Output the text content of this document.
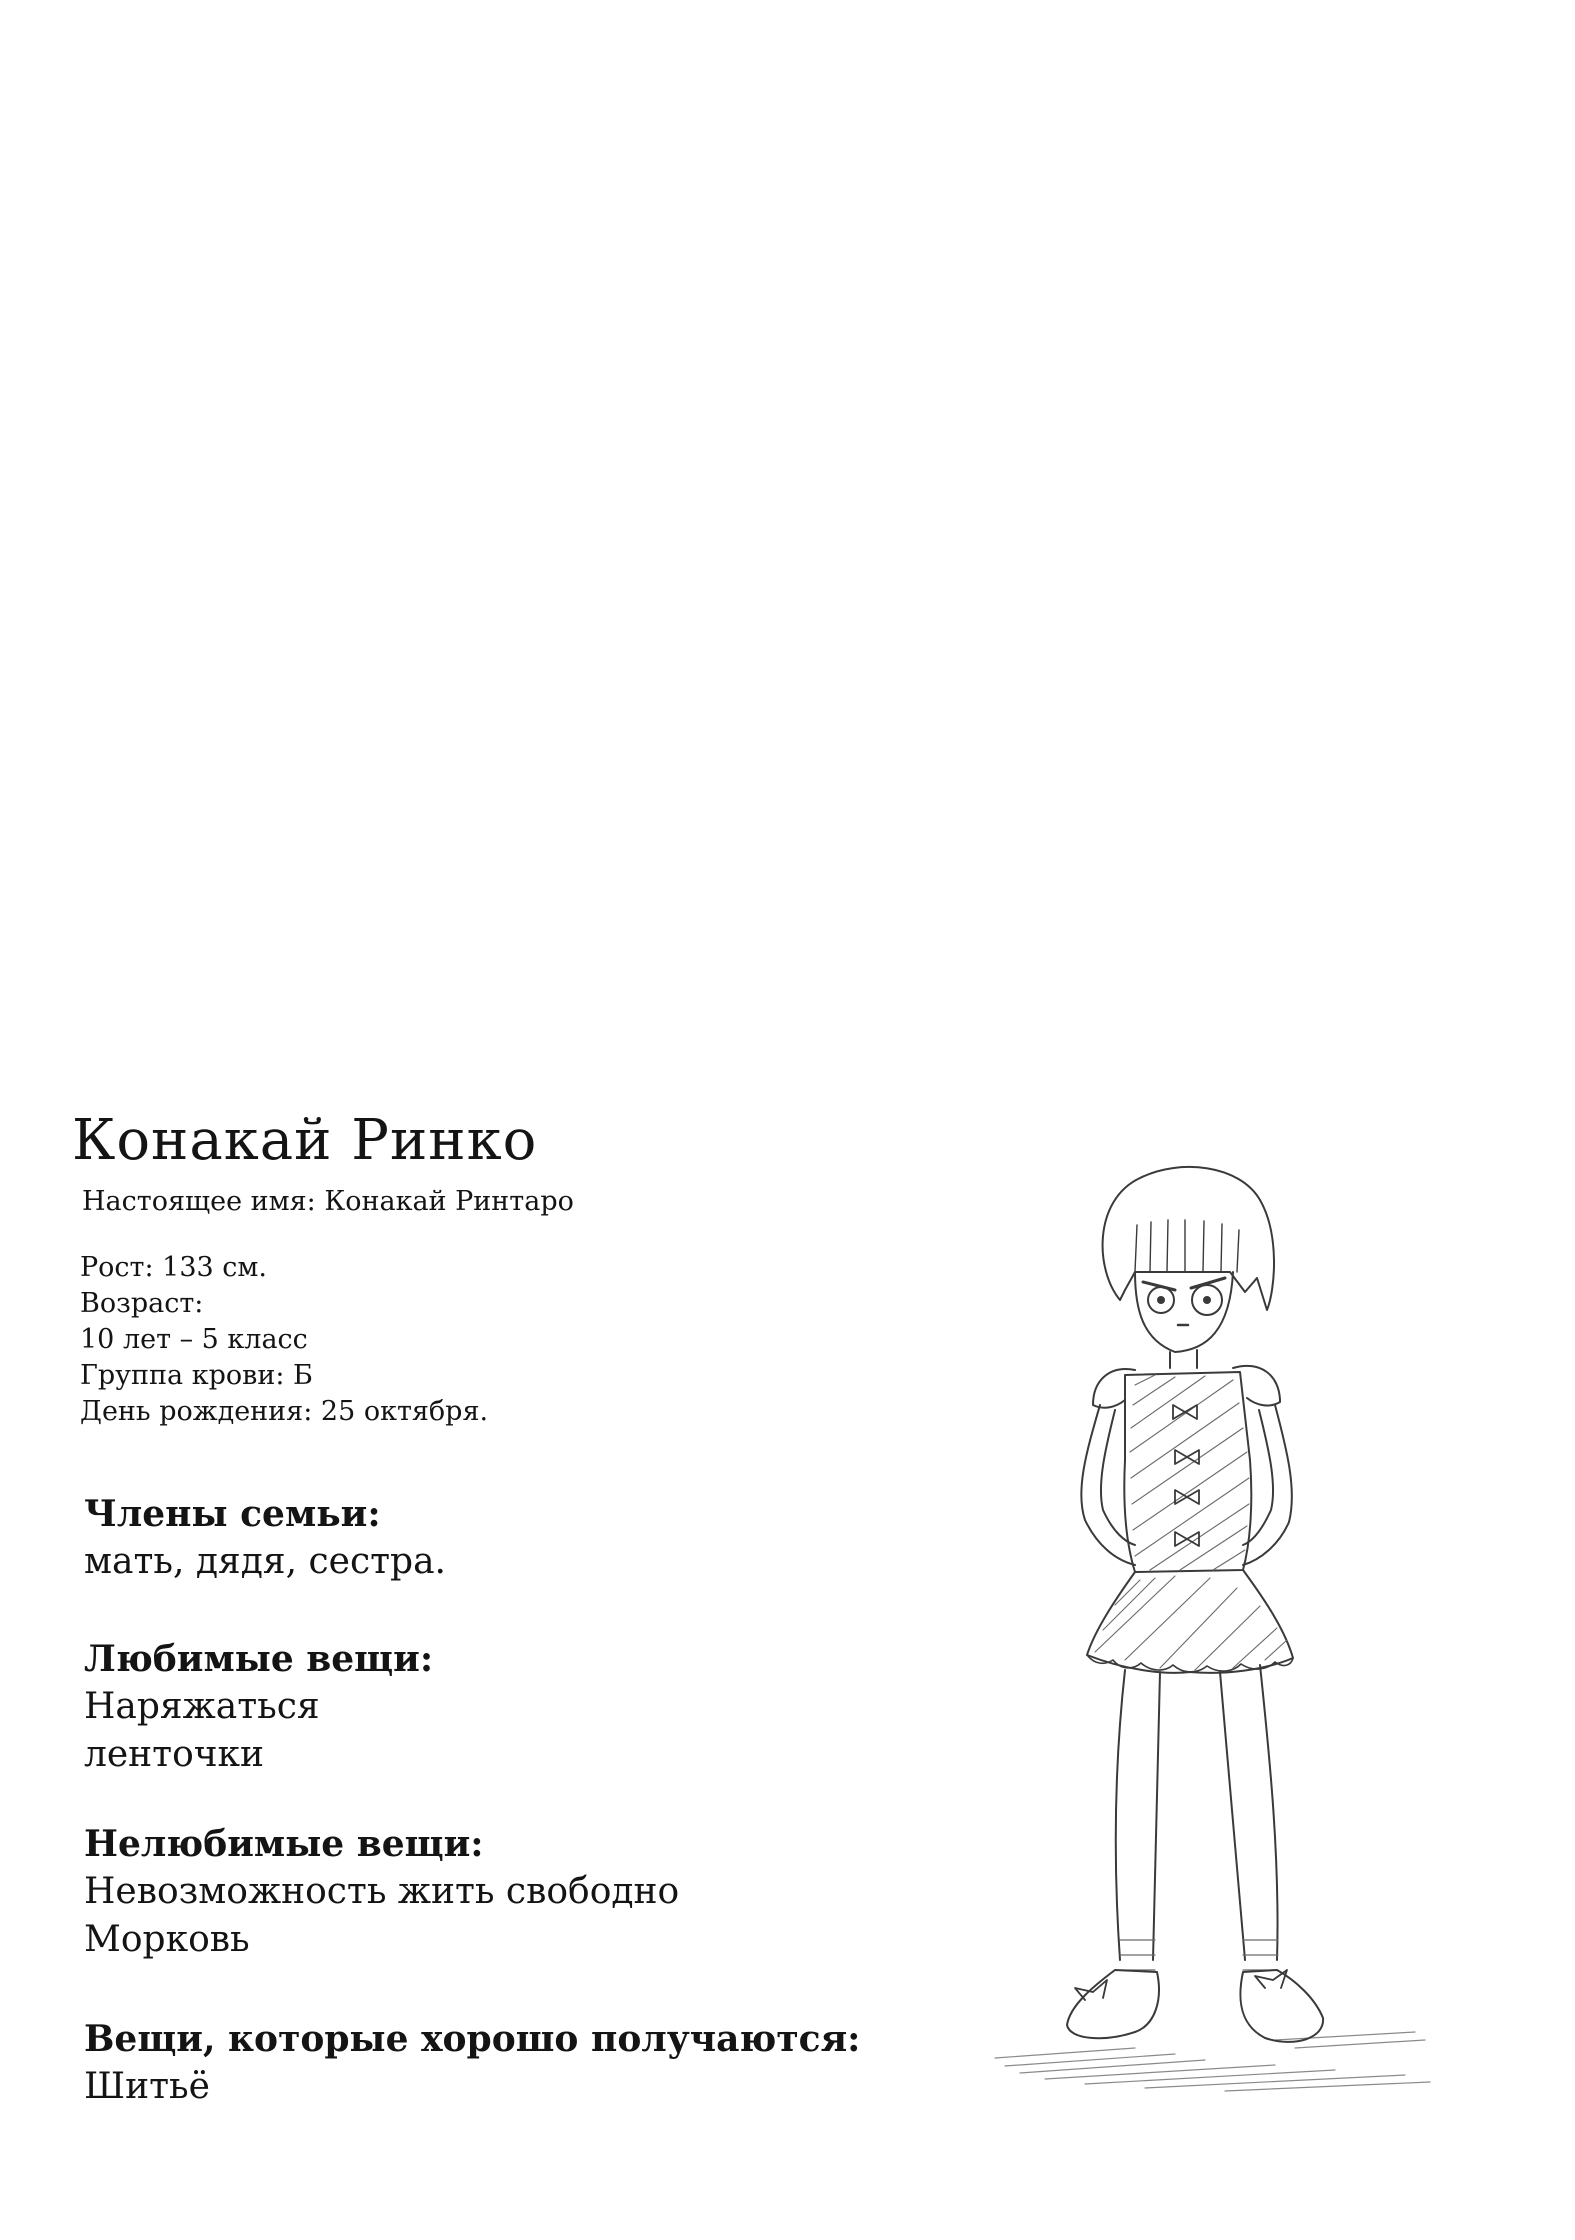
Конакай Ринко
Настоящее имя: Конакай Ринтаро
Рост: 133 см.
Возраст:
10 лет – 5 класс
Группа крови: Б
День рождения: 25 октября.
Члены семьи:
мать, дядя, сестра.
Любимые вещи:
Наряжаться
ленточки
Нелюбимые вещи:
Невозможность жить свободно
Морковь
Вещи, которые хорошо получаются:
Шитьё
